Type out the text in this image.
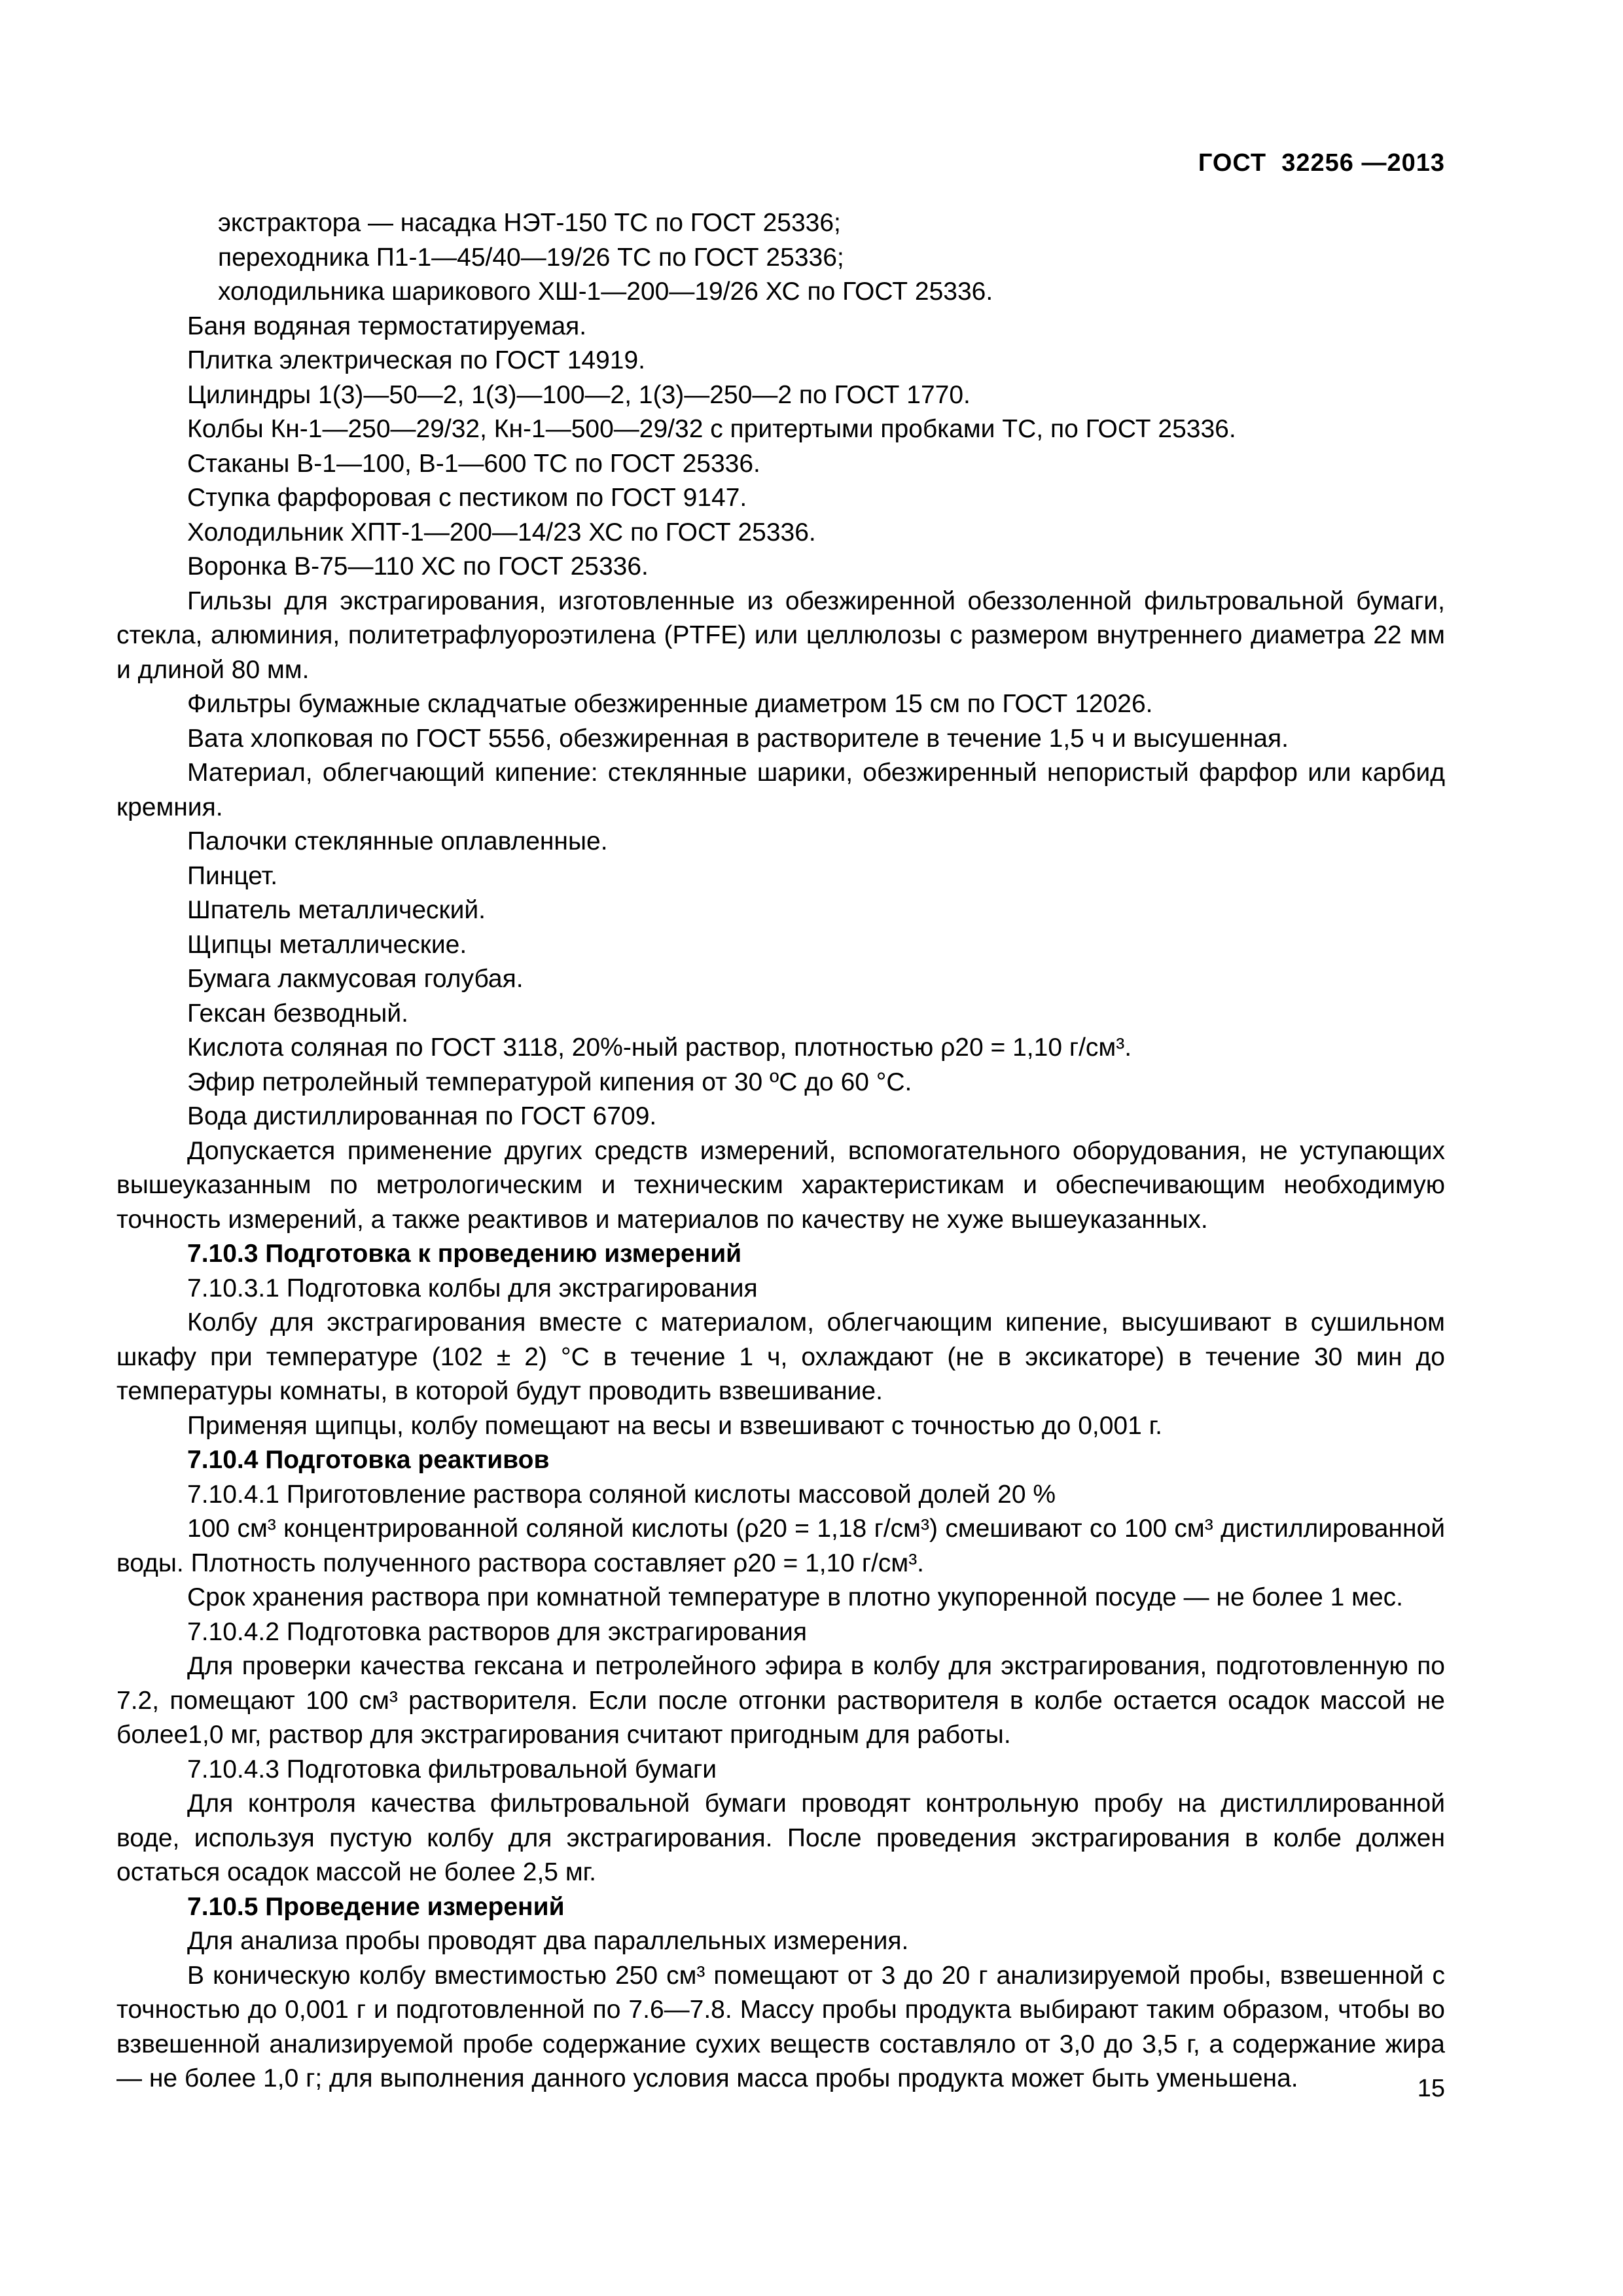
ГОСТ  32256 —2013

экстрактора — насадка НЭТ-150 ТС по ГОСТ 25336;

переходника П1-1—45/40—19/26 ТС по ГОСТ 25336;

холодильника шарикового ХШ-1—200—19/26 ХС по ГОСТ 25336.

Баня водяная термостатируемая.

Плитка электрическая по ГОСТ 14919.

Цилиндры 1(3)—50—2, 1(3)—100—2, 1(3)—250—2 по ГОСТ 1770.

Колбы Кн-1—250—29/32, Кн-1—500—29/32 с притертыми пробками ТС, по ГОСТ 25336.

Стаканы В-1—100, В-1—600 ТС по ГОСТ 25336.

Ступка фарфоровая с пестиком по ГОСТ 9147.

Холодильник ХПТ-1—200—14/23 ХС по ГОСТ 25336.

Воронка В-75—110 ХС по ГОСТ 25336.

Гильзы для экстрагирования, изготовленные из обезжиренной обеззоленной фильтровальной бумаги, стекла, алюминия, политетрафлуороэтилена (PTFE) или целлюлозы с размером внутреннего диаметра 22 мм и длиной 80 мм.

Фильтры бумажные складчатые обезжиренные диаметром 15 см по ГОСТ 12026.

Вата хлопковая по ГОСТ 5556, обезжиренная в растворителе в течение 1,5 ч и высушенная.

Материал, облегчающий кипение: стеклянные шарики, обезжиренный непористый фарфор или карбид кремния.

Палочки стеклянные оплавленные.

Пинцет.

Шпатель металлический.

Щипцы металлические.

Бумага лакмусовая голубая.

Гексан безводный.

Кислота соляная по ГОСТ 3118, 20%-ный раствор, плотностью ρ20 = 1,10 г/см³.

Эфир петролейный температурой кипения от 30 ºС до 60 °С.

Вода дистиллированная по ГОСТ 6709.

Допускается применение других средств измерений, вспомогательного оборудования, не уступающих вышеуказанным по метрологическим и техническим характеристикам и обеспечивающим необходимую точность измерений, а также реактивов и материалов по качеству не хуже вышеуказанных.

7.10.3 Подготовка к проведению измерений

7.10.3.1 Подготовка колбы для экстрагирования

Колбу для экстрагирования вместе с материалом, облегчающим кипение, высушивают в сушильном шкафу при температуре (102 ± 2) °С в течение 1 ч, охлаждают (не в эксикаторе) в течение 30 мин до температуры комнаты, в которой будут проводить взвешивание.

Применяя щипцы, колбу помещают на весы и взвешивают с точностью до 0,001 г.

7.10.4 Подготовка реактивов

7.10.4.1 Приготовление раствора соляной кислоты массовой долей 20 %

100 см³ концентрированной соляной кислоты (ρ20 = 1,18 г/см³) смешивают со 100 см³ дистиллированной воды. Плотность полученного раствора составляет ρ20 = 1,10 г/см³.

Срок хранения раствора при комнатной температуре в плотно укупоренной посуде — не более 1 мес.

7.10.4.2 Подготовка растворов для экстрагирования

Для проверки качества гексана и петролейного эфира в колбу для экстрагирования, подготовленную по 7.2, помещают 100 см³ растворителя. Если после отгонки растворителя в колбе остается осадок массой не более1,0 мг, раствор для экстрагирования считают пригодным для работы.

7.10.4.3 Подготовка фильтровальной бумаги

Для контроля качества фильтровальной бумаги проводят контрольную пробу на дистиллированной воде, используя пустую колбу для экстрагирования. После проведения экстрагирования в колбе должен остаться осадок массой не более 2,5 мг.

7.10.5 Проведение измерений

Для анализа пробы проводят два параллельных измерения.

В коническую колбу вместимостью 250 см³ помещают от 3 до 20 г анализируемой пробы, взвешенной с точностью до 0,001 г и подготовленной по 7.6—7.8. Массу пробы продукта выбирают таким образом, чтобы во взвешенной анализируемой пробе содержание сухих веществ составляло от 3,0 до 3,5 г, а содержание жира — не более 1,0 г; для выполнения данного условия масса пробы продукта может быть уменьшена.	15
